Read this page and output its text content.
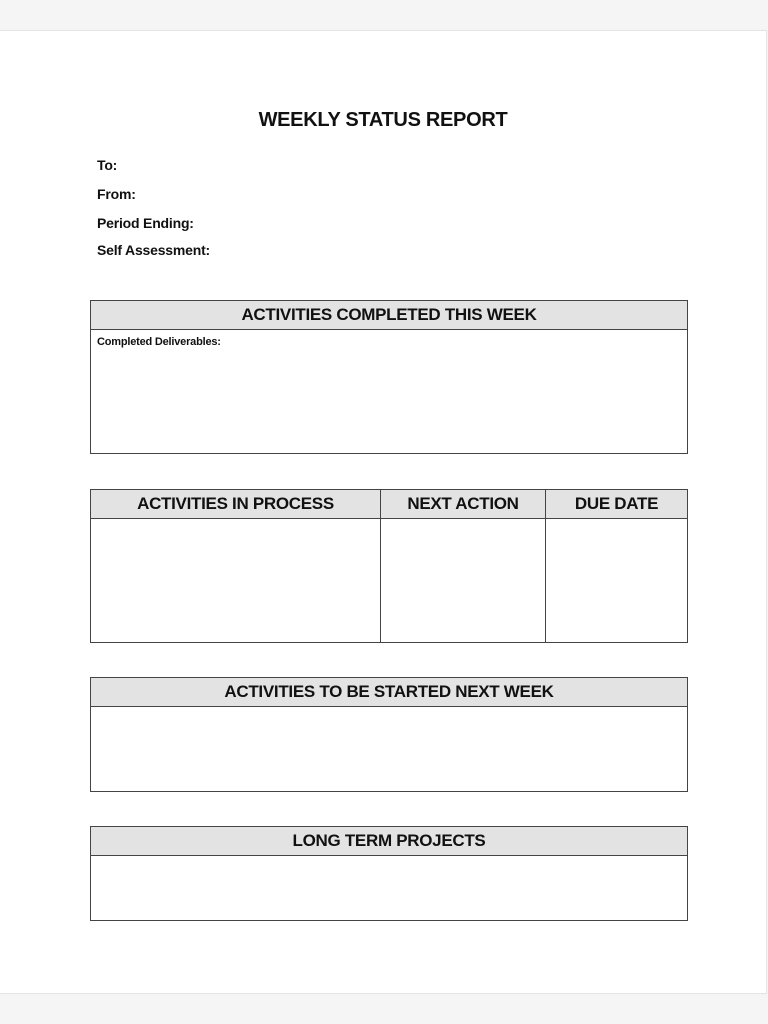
WEEKLY STATUS REPORT
To:
From:
Period Ending:
Self Assessment:
ACTIVITIES COMPLETED THIS WEEK
Completed Deliverables:
ACTIVITIES IN PROCESS	NEXT ACTION	DUE DATE
ACTIVITIES TO BE STARTED NEXT WEEK
LONG TERM PROJECTS
